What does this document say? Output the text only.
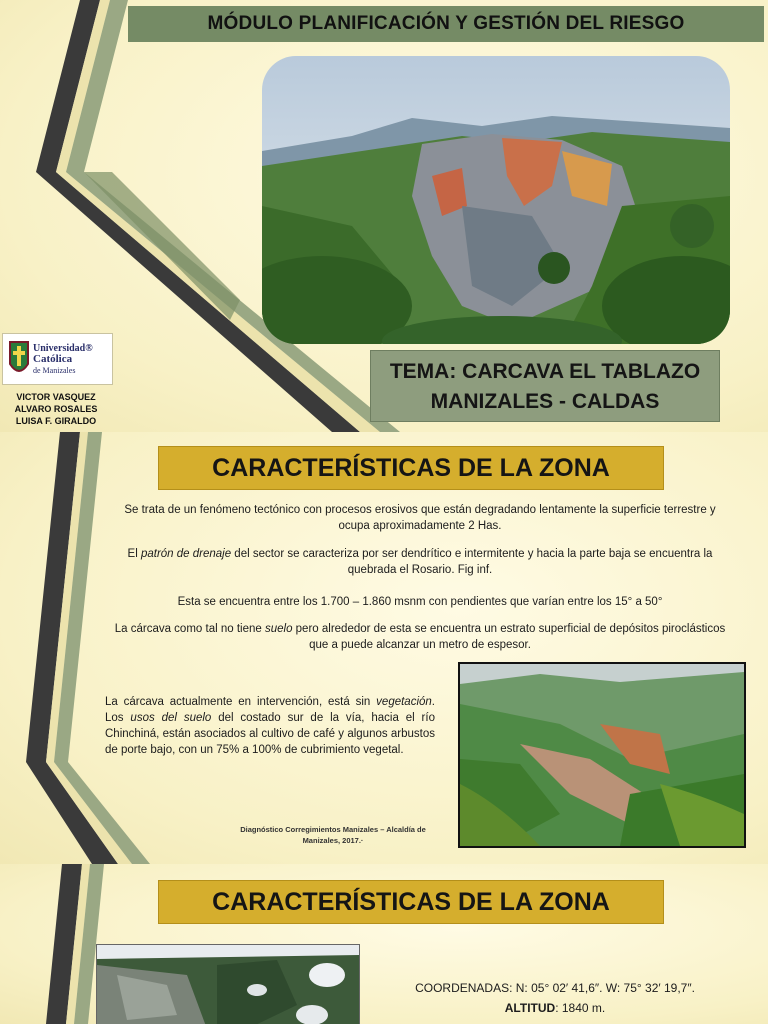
MÓDULO PLANIFICACIÓN Y GESTIÓN DEL RIESGO
Universidad®
Católica
de Manizales
VICTOR VASQUEZ
ALVARO ROSALES
LUISA F. GIRALDO
TEMA: CARCAVA EL TABLAZO
MANIZALES - CALDAS
CARACTERÍSTICAS DE LA ZONA
Se trata de un fenómeno tectónico con procesos erosivos que están degradando lentamente la superficie terrestre y ocupa aproximadamente 2 Has.
El patrón de drenaje del sector se caracteriza por ser dendrítico e intermitente y hacia la parte baja se encuentra la quebrada el Rosario. Fig inf.
Esta se encuentra entre los 1.700 – 1.860 msnm con pendientes que varían entre los 15° a 50°
La cárcava como tal no tiene suelo pero alrededor de esta se encuentra un estrato superficial de depósitos piroclásticos que a puede alcanzar un metro de espesor.
La cárcava actualmente en intervención, está sin vegetación. Los usos del suelo del costado sur de la vía, hacia el río Chinchiná, están asociados al cultivo de café y algunos arbustos de porte bajo, con un 75% a 100% de cubrimiento vegetal.
Diagnóstico Corregimientos Manizales – Alcaldía de
Manizales, 2017.·
CARACTERÍSTICAS DE LA ZONA
COORDENADAS: N: 05° 02′ 41,6″. W: 75° 32′ 19,7″.
ALTITUD: 1840 m.
